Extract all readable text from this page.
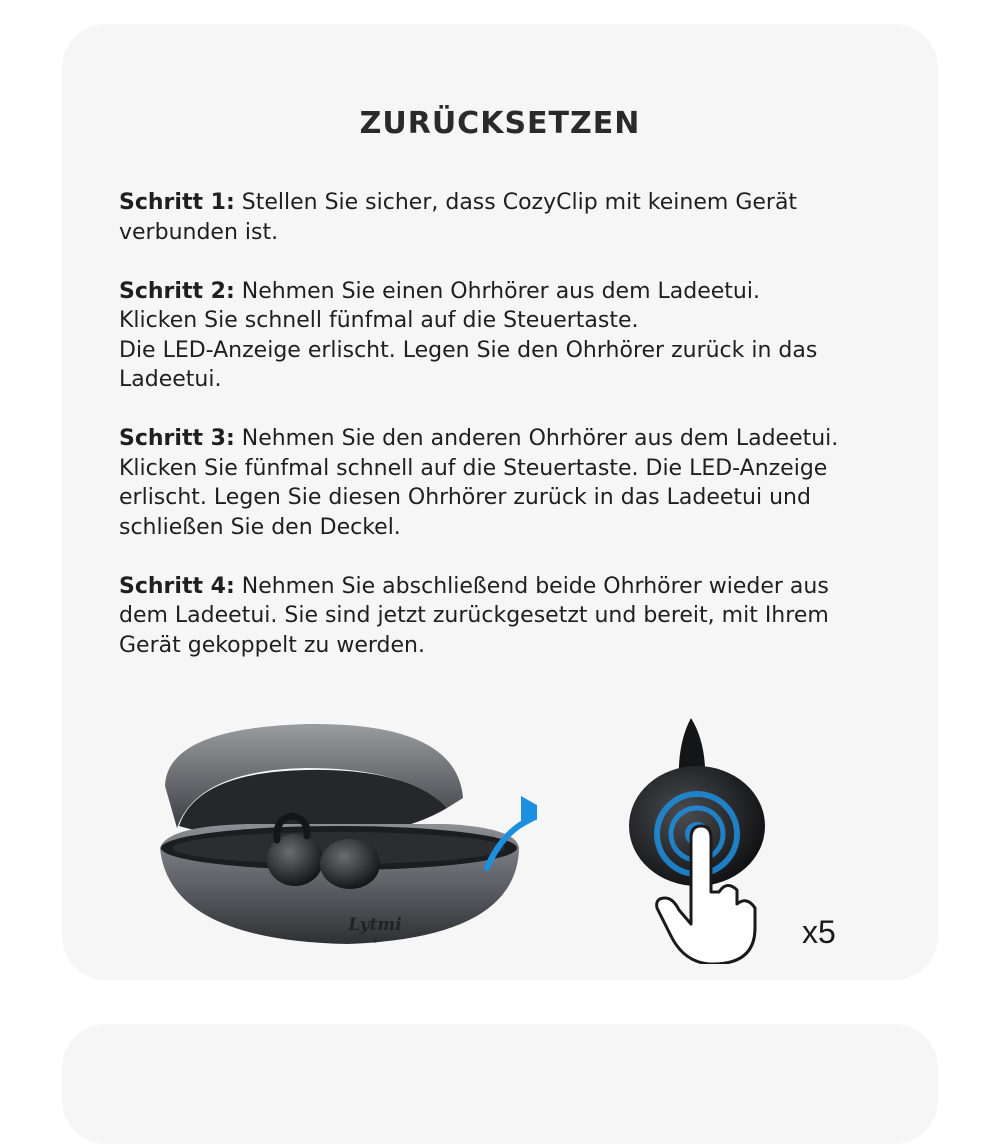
ZURÜCKSETZEN

Schritt 1: Stellen Sie sicher, dass CozyClip mit keinem Gerät verbunden ist.

Schritt 2: Nehmen Sie einen Ohrhörer aus dem Ladeetui.
Klicken Sie schnell fünfmal auf die Steuertaste.
Die LED-Anzeige erlischt. Legen Sie den Ohrhörer zurück in das Ladeetui.

Schritt 3: Nehmen Sie den anderen Ohrhörer aus dem Ladeetui. Klicken Sie fünfmal schnell auf die Steuertaste. Die LED-Anzeige erlischt. Legen Sie diesen Ohrhörer zurück in das Ladeetui und schließen Sie den Deckel.

Schritt 4: Nehmen Sie abschließend beide Ohrhörer wieder aus dem Ladeetui. Sie sind jetzt zurückgesetzt und bereit, mit Ihrem Gerät gekoppelt zu werden.

Lytmi	x5
